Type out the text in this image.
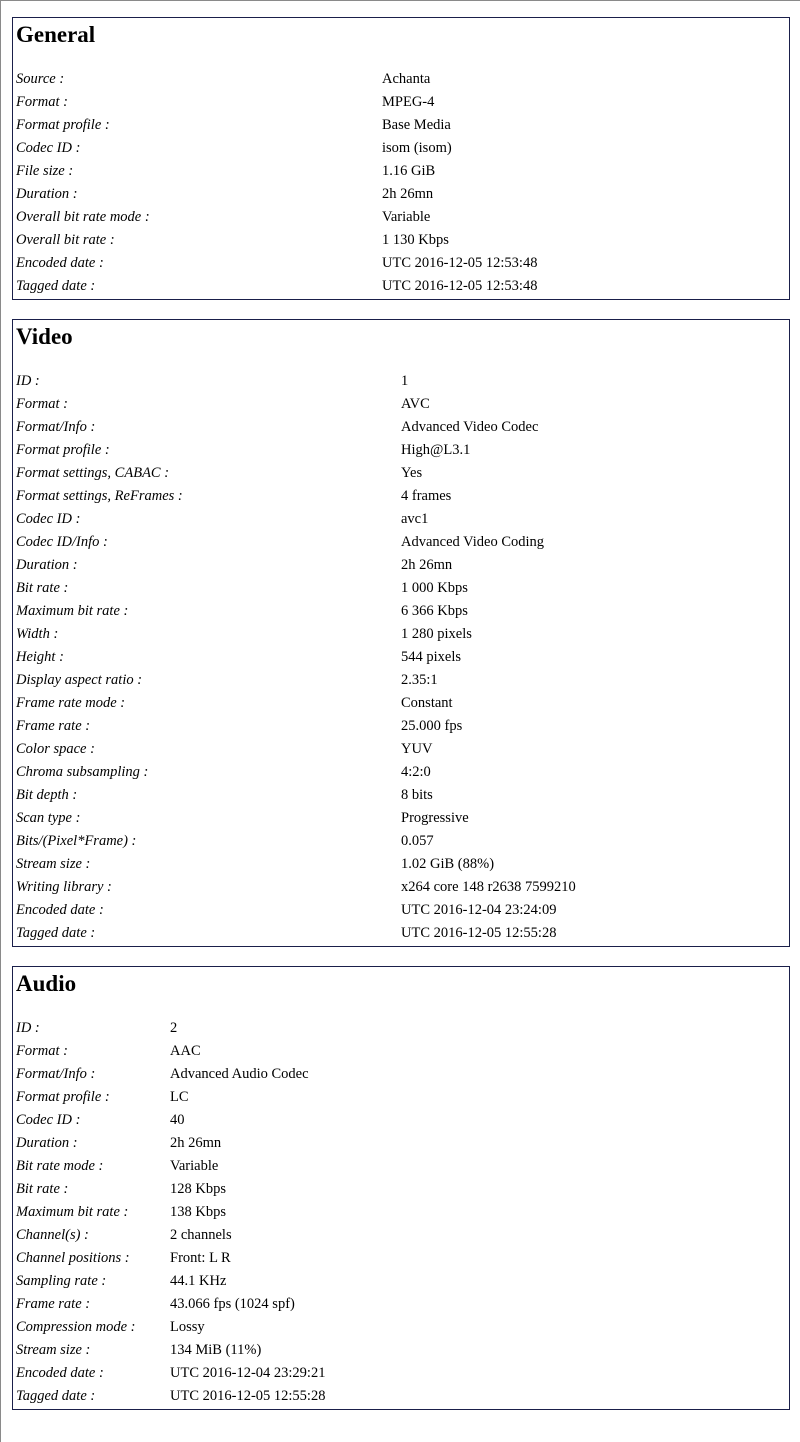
General
Source :	Achanta
Format :	MPEG-4
Format profile :	Base Media
Codec ID :	isom (isom)
File size :	1.16 GiB
Duration :	2h 26mn
Overall bit rate mode :	Variable
Overall bit rate :	1 130 Kbps
Encoded date :	UTC 2016-12-05 12:53:48
Tagged date :	UTC 2016-12-05 12:53:48
Video
ID :	1
Format :	AVC
Format/Info :	Advanced Video Codec
Format profile :	High@L3.1
Format settings, CABAC :	Yes
Format settings, ReFrames :	4 frames
Codec ID :	avc1
Codec ID/Info :	Advanced Video Coding
Duration :	2h 26mn
Bit rate :	1 000 Kbps
Maximum bit rate :	6 366 Kbps
Width :	1 280 pixels
Height :	544 pixels
Display aspect ratio :	2.35:1
Frame rate mode :	Constant
Frame rate :	25.000 fps
Color space :	YUV
Chroma subsampling :	4:2:0
Bit depth :	8 bits
Scan type :	Progressive
Bits/(Pixel*Frame) :	0.057
Stream size :	1.02 GiB (88%)
Writing library :	x264 core 148 r2638 7599210
Encoded date :	UTC 2016-12-04 23:24:09
Tagged date :	UTC 2016-12-05 12:55:28
Audio
ID :	2
Format :	AAC
Format/Info :	Advanced Audio Codec
Format profile :	LC
Codec ID :	40
Duration :	2h 26mn
Bit rate mode :	Variable
Bit rate :	128 Kbps
Maximum bit rate :	138 Kbps
Channel(s) :	2 channels
Channel positions :	Front: L R
Sampling rate :	44.1 KHz
Frame rate :	43.066 fps (1024 spf)
Compression mode : Lossy
Stream size :	134 MiB (11%)
Encoded date :	UTC 2016-12-04 23:29:21
Tagged date :	UTC 2016-12-05 12:55:28
